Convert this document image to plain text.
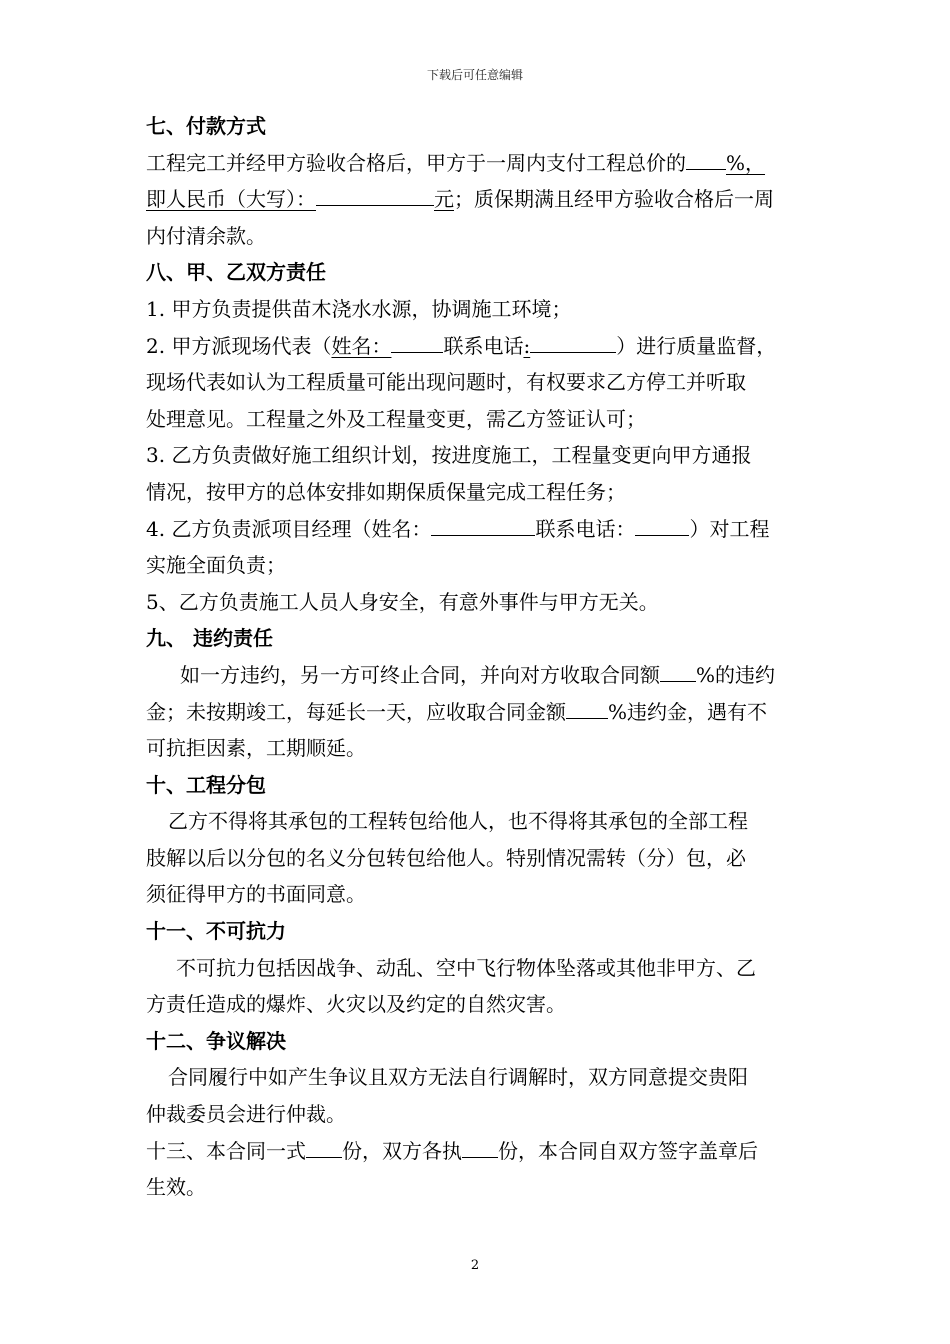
下载后可任意编辑
七、付款方式
工程完工并经甲方验收合格后，甲方于一周内支付工程总价的 %，
即人民币（大写）：	元；质保期满且经甲方验收合格后一周
内付清余款。
八、甲、乙双方责任
1. 甲方负责提供苗木浇水水源，协调施工环境；
2. 甲方派现场代表（姓名：	联系电话:	）进行质量监督，
现场代表如认为工程质量可能出现问题时，有权要求乙方停工并听取
处理意见。工程量之外及工程量变更，需乙方签证认可；
3. 乙方负责做好施工组织计划，按进度施工，工程量变更向甲方通报
情况，按甲方的总体安排如期保质保量完成工程任务；
4. 乙方负责派项目经理（姓名：	联系电话：	）对工程
实施全面负责；
5、乙方负责施工人员人身安全，有意外事件与甲方无关。
九、 违约责任
如一方违约，另一方可终止合同，并向对方收取合同额 %的违约
金；未按期竣工，每延长一天，应收取合同金额 %违约金，遇有不
可抗拒因素，工期顺延。
十、工程分包
乙方不得将其承包的工程转包给他人，也不得将其承包的全部工程
肢解以后以分包的名义分包转包给他人。特别情况需转（分）包，必
须征得甲方的书面同意。
十一、不可抗力
不可抗力包括因战争、动乱、空中飞行物体坠落或其他非甲方、乙
方责任造成的爆炸、火灾以及约定的自然灾害。
十二、争议解决
合同履行中如产生争议且双方无法自行调解时，双方同意提交贵阳
仲裁委员会进行仲裁。
十三、本合同一式 份，双方各执 份，本合同自双方签字盖章后
生效。
2
